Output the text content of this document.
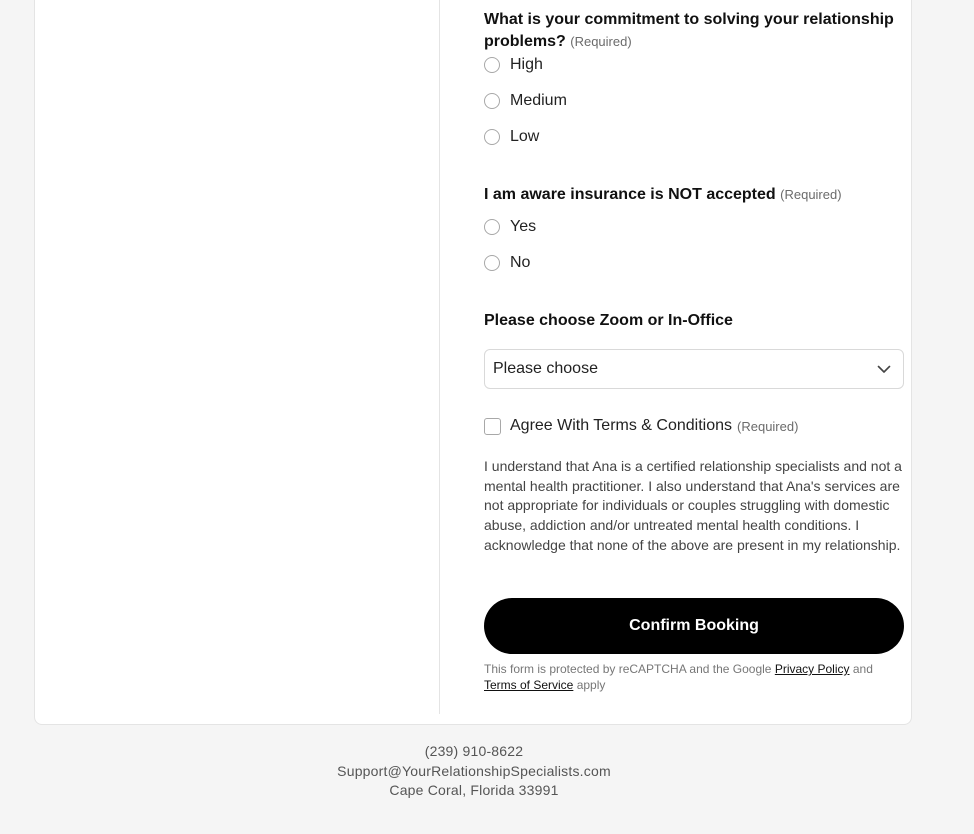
What is your commitment to solving your relationship problems? (Required)
High
Medium
Low
I am aware insurance is NOT accepted (Required)
Yes
No
Please choose Zoom or In-Office
Please choose
Agree With Terms & Conditions (Required)
I understand that Ana is a certified relationship specialists and not a mental health practitioner. I also understand that Ana's services are not appropriate for individuals or couples struggling with domestic abuse, addiction and/or untreated mental health conditions. I acknowledge that none of the above are present in my relationship.
Confirm Booking
This form is protected by reCAPTCHA and the Google Privacy Policy and
Terms of Service apply
(239) 910-8622
Support@YourRelationshipSpecialists.com
Cape Coral, Florida 33991
